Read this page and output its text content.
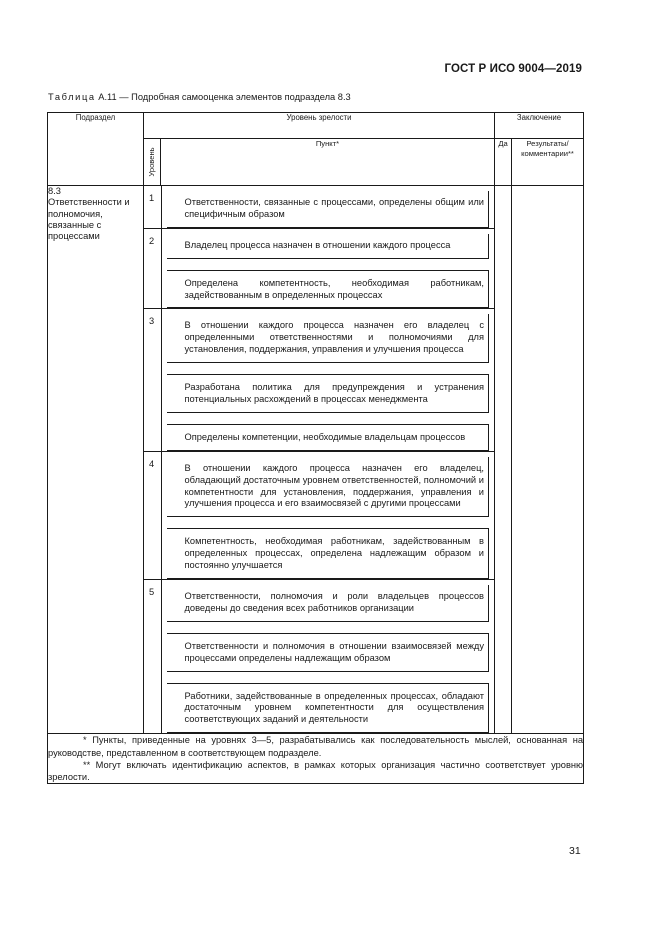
ГОСТ Р ИСО 9004—2019
Таблица А.11 — Подробная самооценка элементов подраздела 8.3
Подраздел	Уровень зрелости	Заключение

Уровень
	Пункт*	Да	Результаты/ комментарии**

8.3
Ответственности и полномочия, связанные с процессами

1	Ответственности, связанные с процессами, определены общим или специфичным образом

2	Владелец процесса назначен в отношении каждого процесса

Определена компетентность, необходимая работникам, задействованным в определенных процессах

3	В отношении каждого процесса назначен его владелец с определенными ответственностями и полномочиями для установления, поддержания, управления и улучшения процесса

Разработана политика для предупреждения и устранения потенциальных расхождений в процессах менеджмента

Определены компетенции, необходимые владельцам процессов

4	В отношении каждого процесса назначен его владелец, обладающий достаточным уровнем ответственностей, полномочий и компетентности для установления, поддержания, управления и улучшения процесса и его взаимосвязей с другими процессами

Компетентность, необходимая работникам, задействованным в определенных процессах, определена надлежащим образом и постоянно улучшается

5	Ответственности, полномочия и роли владельцев процессов доведены до сведения всех работников организации

Ответственности и полномочия в отношении взаимосвязей между процессами определены надлежащим образом

Работники, задействованные в определенных процессах, обладают достаточным уровнем компетентности для осуществления соответствующих заданий и деятельности

* Пункты, приведенные на уровнях 3—5, разрабатывались как последовательность мыслей, основанная на руководстве, представленном в соответствующем подразделе.

** Могут включать идентификацию аспектов, в рамках которых организация частично соответствует уровню зрелости.

31
